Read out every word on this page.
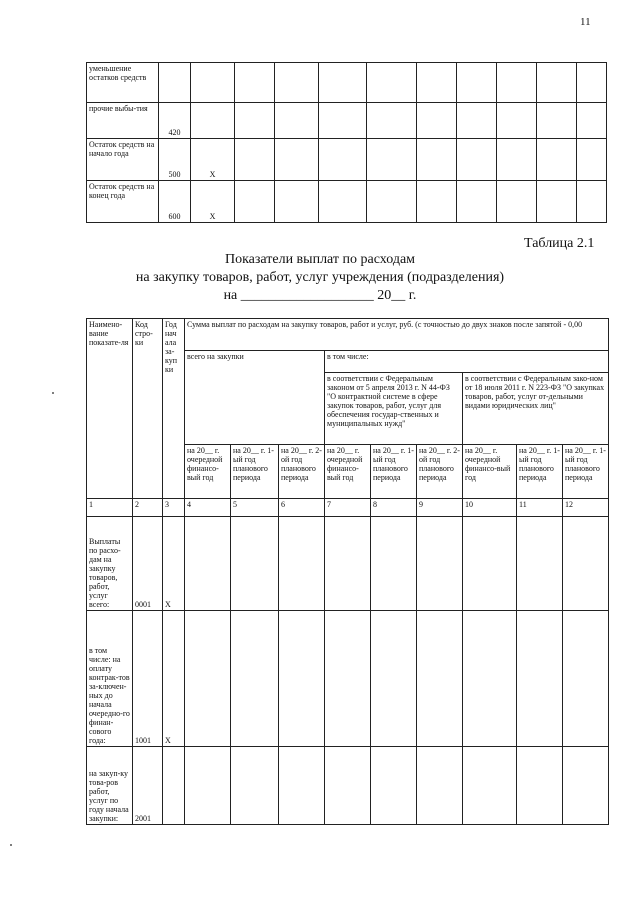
11
уменьшение остатков средств											
прочие выбы-тия	420										
Остаток средств на начало года	500	X									
Остаток средств на конец года	600	X									
Таблица 2.1
Показатели выплат по расходам
на закупку товаров, работ, услуг учреждения (подразделения)
на ___________________ 20__ г.
Наимено-вание показате-ля	Код стро-ки	Год нач ала за-куп ки	Сумма выплат по расходам на закупку товаров, работ и услуг, руб. (с точностью до двух знаков после запятой - 0,00								
			всего на закупки			в том числе:					
						в соответствии с Федеральным законом от 5 апреля 2013 г. N 44-ФЗ "О контрактной системе в сфере закупок товаров, работ, услуг для обеспечения государ-ственных и муниципальных нужд"			в соответствии с Федеральным зако-ном от 18 июля 2011 г. N 223-ФЗ "О закупках товаров, работ, услуг от-дельными видами юридических лиц"		
			на 20__ г. очередной финансо-вый год	на 20__ г. 1-ый год планового периода	на 20__ г. 2-ой год планового периода	на 20__ г. очередной финансо-вый год	на 20__ г. 1-ый год планового периода	на 20__ г. 2-ой год планового периода	на 20__ г. очередной финансо-вый год	на 20__ г. 1-ый год планового периода	на 20__ г. 1-ый год планового периода
1	2	3	4	5	6	7	8	9	10	11	12
Выплаты по расхо-дам на закупку товаров, работ, услуг всего:	0001	X									
в том числе: на оплату контрак-тов за-ключен-ных до начала очередно-го финан-сового года:	1001	X									
на закуп-ку това-ров работ, услуг по году начала закупки:	2001										
